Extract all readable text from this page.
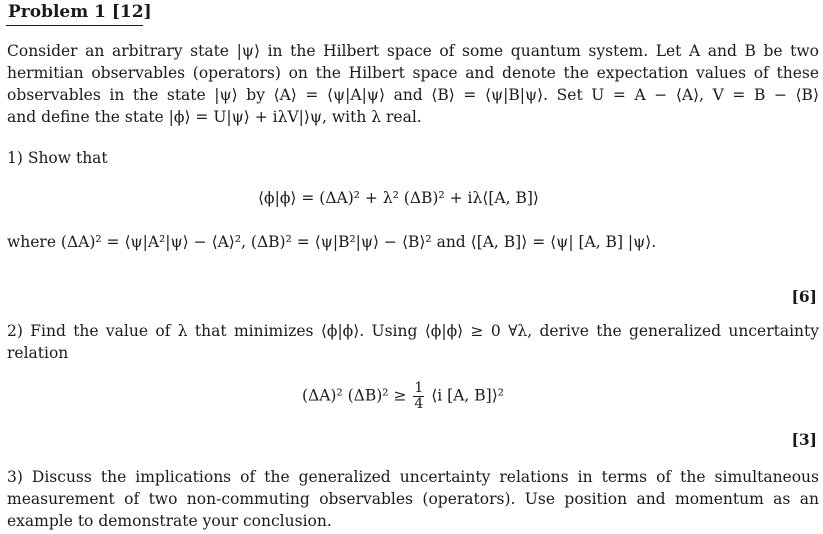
Problem 1 [12]
Consider an arbitrary state |ψ⟩ in the Hilbert space of some quantum system. Let A and B be two
hermitian observables (operators) on the Hilbert space and denote the expectation values of these
observables in the state |ψ⟩ by ⟨A⟩ = ⟨ψ|A|ψ⟩ and ⟨B⟩ = ⟨ψ|B|ψ⟩. Set U = A − ⟨A⟩, V = B − ⟨B⟩
and define the state |ϕ⟩ = U|ψ⟩ + iλV|⟩ψ, with λ real.
1) Show that
⟨ϕ|ϕ⟩ = (ΔA)² + λ² (ΔB)² + iλ⟨[A, B]⟩
where (ΔA)² = ⟨ψ|A²|ψ⟩ − ⟨A⟩², (ΔB)² = ⟨ψ|B²|ψ⟩ − ⟨B⟩² and ⟨[A, B]⟩ = ⟨ψ| [A, B] |ψ⟩.
[6]
2) Find the value of λ that minimizes ⟨ϕ|ϕ⟩. Using ⟨ϕ|ϕ⟩ ≥ 0 ∀λ, derive the generalized uncertainty
relation
(ΔA)² $(\Delta B)^2 \ge \frac{1}{4}$ ⟨i [A, B]⟩²
[3]
3) Discuss the implications of the generalized uncertainty relations in terms of the simultaneous
measurement of two non-commuting observables (operators). Use position and momentum as an
example to demonstrate your conclusion.
